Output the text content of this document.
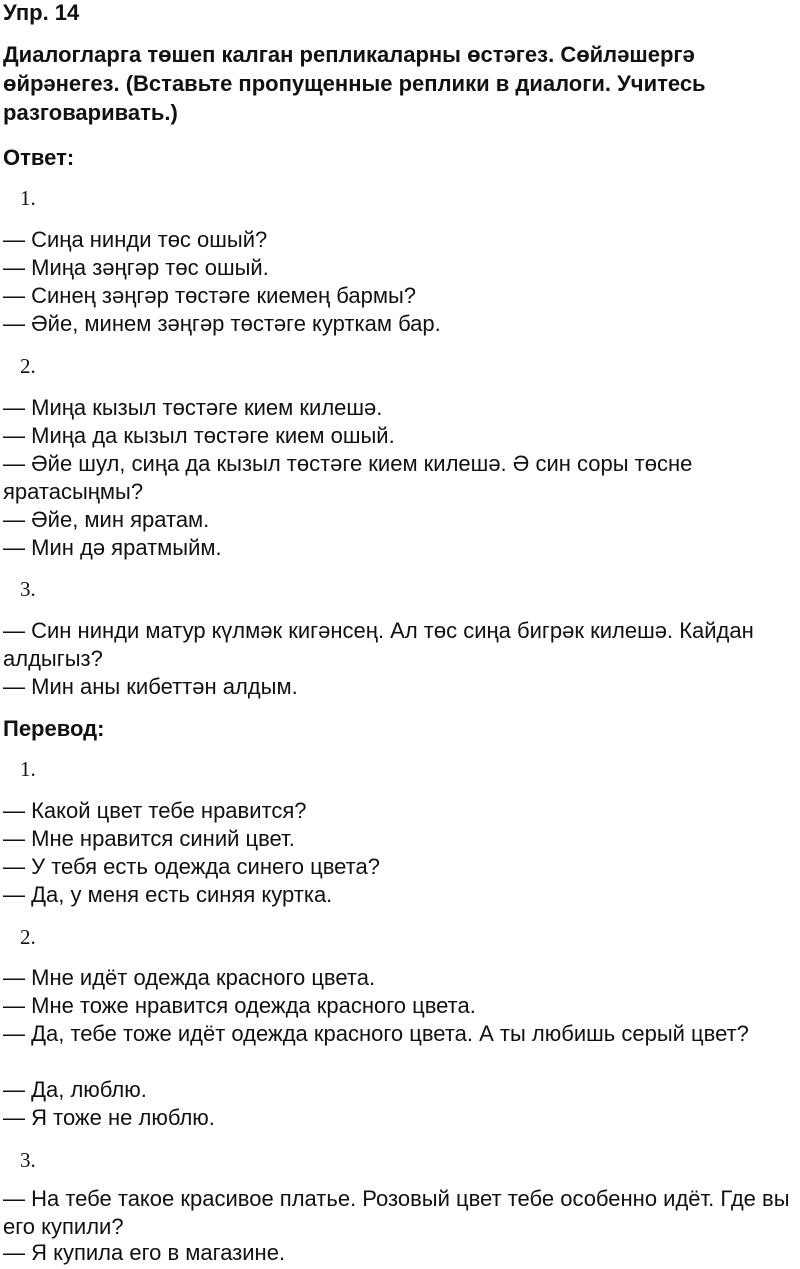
Упр. 14
Диалогларга төшеп калган репликаларны өстәгез. Сөйләшергә өйрәнегез. (Вставьте пропущенные реплики в диалоги. Учитесь разговаривать.)
Ответ:
1.
— Сиңа нинди төс ошый?
— Миңа зәңгәр төс ошый.
— Синең зәңгәр төстәге киемең бармы?
— Әйе, минем зәңгәр төстәге курткам бар.
2.
— Миңа кызыл төстәге кием килешә.
— Миңа да кызыл төстәге кием ошый.
— Әйе шул, сиңа да кызыл төстәге кием килешә. Ә син соры төсне яратасыңмы?
— Әйе, мин яратам.
— Мин дә яратмыйм.
3.
— Син нинди матур күлмәк кигәнсең. Ал төс сиңа бигрәк килешә. Кайдан алдыгыз?
— Мин аны кибеттән алдым.
Перевод:
1.
— Какой цвет тебе нравится?
— Мне нравится синий цвет.
— У тебя есть одежда синего цвета?
— Да, у меня есть синяя куртка.
2.
— Мне идёт одежда красного цвета.
— Мне тоже нравится одежда красного цвета.
— Да, тебе тоже идёт одежда красного цвета. А ты любишь серый цвет?
— Да, люблю.
— Я тоже не люблю.
3.
— На тебе такое красивое платье. Розовый цвет тебе особенно идёт. Где вы его купили?
— Я купила его в магазине.
